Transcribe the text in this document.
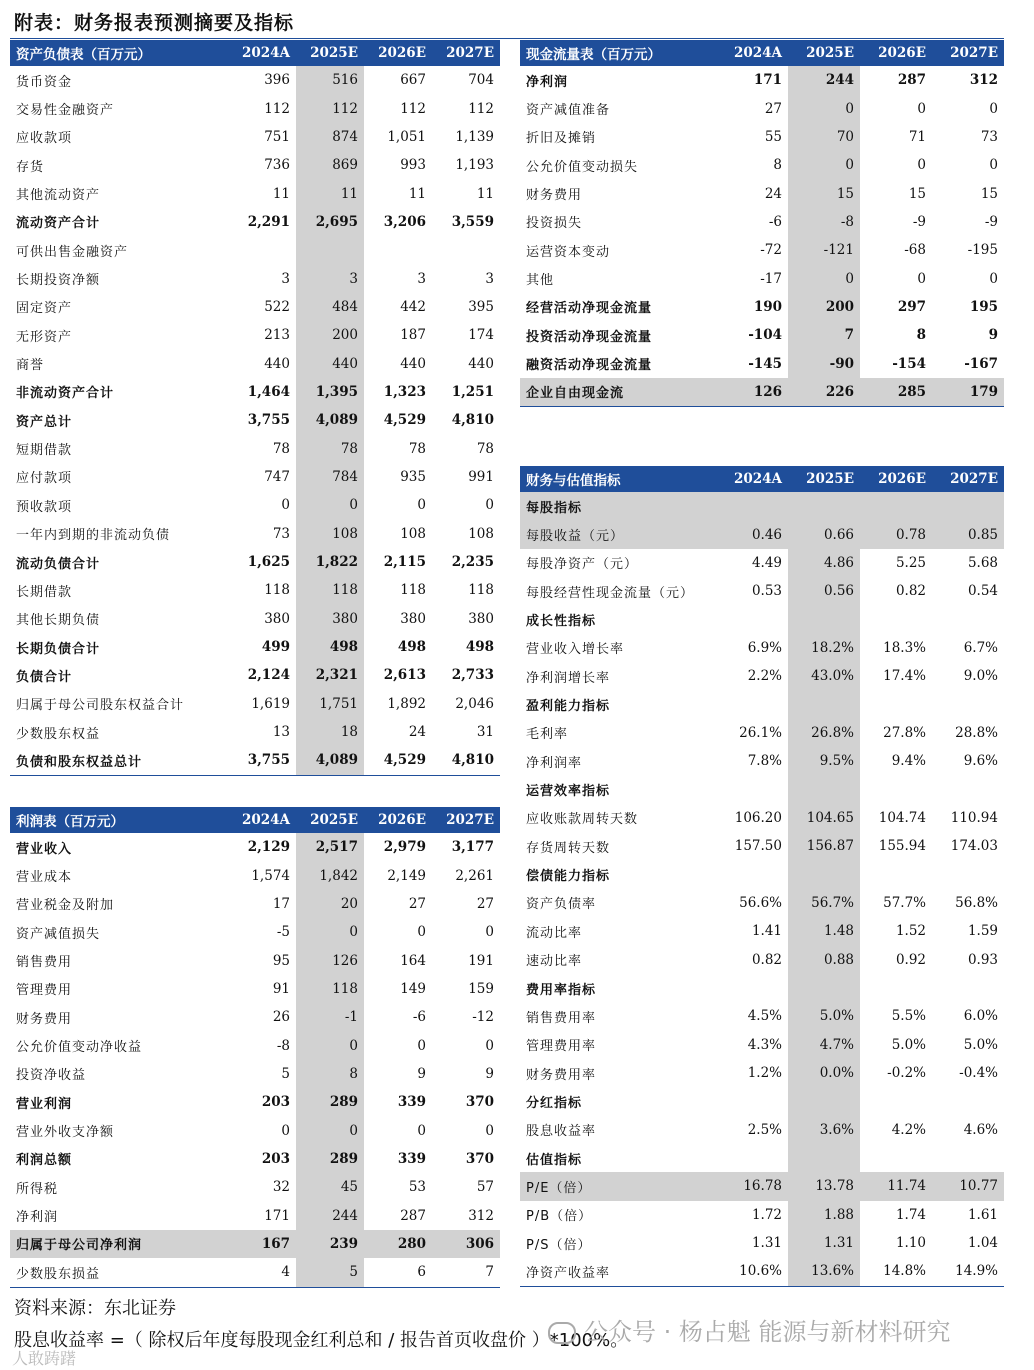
附表：财务报表预测摘要及指标
资产负债表（百万元）	2024A	2025E	2026E	2027E
货币资金	396	516	667	704
交易性金融资产	112	112	112	112
应收款项	751	874	1,051	1,139
存货	736	869	993	1,193
其他流动资产	11	11	11	11
流动资产合计	2,291	2,695	3,206	3,559
可供出售金融资产				
长期投资净额	3	3	3	3
固定资产	522	484	442	395
无形资产	213	200	187	174
商誉	440	440	440	440
非流动资产合计	1,464	1,395	1,323	1,251
资产总计	3,755	4,089	4,529	4,810
短期借款	78	78	78	78
应付款项	747	784	935	991
预收款项	0	0	0	0
一年内到期的非流动负债	73	108	108	108
流动负债合计	1,625	1,822	2,115	2,235
长期借款	118	118	118	118
其他长期负债	380	380	380	380
长期负债合计	499	498	498	498
负债合计	2,124	2,321	2,613	2,733
归属于母公司股东权益合计	1,619	1,751	1,892	2,046
少数股东权益	13	18	24	31
负债和股东权益总计	3,755	4,089	4,529	4,810
利润表（百万元）	2024A	2025E	2026E	2027E
营业收入	2,129	2,517	2,979	3,177
营业成本	1,574	1,842	2,149	2,261
营业税金及附加	17	20	27	27
资产减值损失	-5	0	0	0
销售费用	95	126	164	191
管理费用	91	118	149	159
财务费用	26	-1	-6	-12
公允价值变动净收益	-8	0	0	0
投资净收益	5	8	9	9
营业利润	203	289	339	370
营业外收支净额	0	0	0	0
利润总额	203	289	339	370
所得税	32	45	53	57
净利润	171	244	287	312
归属于母公司净利润	167	239	280	306
少数股东损益	4	5	6	7
现金流量表（百万元）	2024A	2025E	2026E	2027E
净利润	171	244	287	312
资产减值准备	27	0	0	0
折旧及摊销	55	70	71	73
公允价值变动损失	8	0	0	0
财务费用	24	15	15	15
投资损失	-6	-8	-9	-9
运营资本变动	-72	-121	-68	-195
其他	-17	0	0	0
经营活动净现金流量	190	200	297	195
投资活动净现金流量	-104	7	8	9
融资活动净现金流量	-145	-90	-154	-167
企业自由现金流	126	226	285	179
财务与估值指标	2024A	2025E	2026E	2027E
每股指标				
每股收益（元）	0.46	0.66	0.78	0.85
每股净资产（元）	4.49	4.86	5.25	5.68
每股经营性现金流量（元）	0.53	0.56	0.82	0.54
成长性指标				
营业收入增长率	6.9%	18.2%	18.3%	6.7%
净利润增长率	2.2%	43.0%	17.4%	9.0%
盈利能力指标				
毛利率	26.1%	26.8%	27.8%	28.8%
净利润率	7.8%	9.5%	9.4%	9.6%
运营效率指标				
应收账款周转天数	106.20	104.65	104.74	110.94
存货周转天数	157.50	156.87	155.94	174.03
偿债能力指标				
资产负债率	56.6%	56.7%	57.7%	56.8%
流动比率	1.41	1.48	1.52	1.59
速动比率	0.82	0.88	0.92	0.93
费用率指标				
销售费用率	4.5%	5.0%	5.5%	6.0%
管理费用率	4.3%	4.7%	5.0%	5.0%
财务费用率	1.2%	0.0%	-0.2%	-0.4%
分红指标				
股息收益率	2.5%	3.6%	4.2%	4.6%
估值指标				
P/E（倍）	16.78	13.78	11.74	10.77
P/B（倍）	1.72	1.88	1.74	1.61
P/S（倍）	1.31	1.31	1.10	1.04
净资产收益率	10.6%	13.6%	14.8%	14.9%
资料来源：东北证券
股息收益率 =（ 除权后年度每股现金红利总和 / 报告首页收盘价 ）*100%。
公众号 · 杨占魁 能源与新材料研究
人敢踌躇
